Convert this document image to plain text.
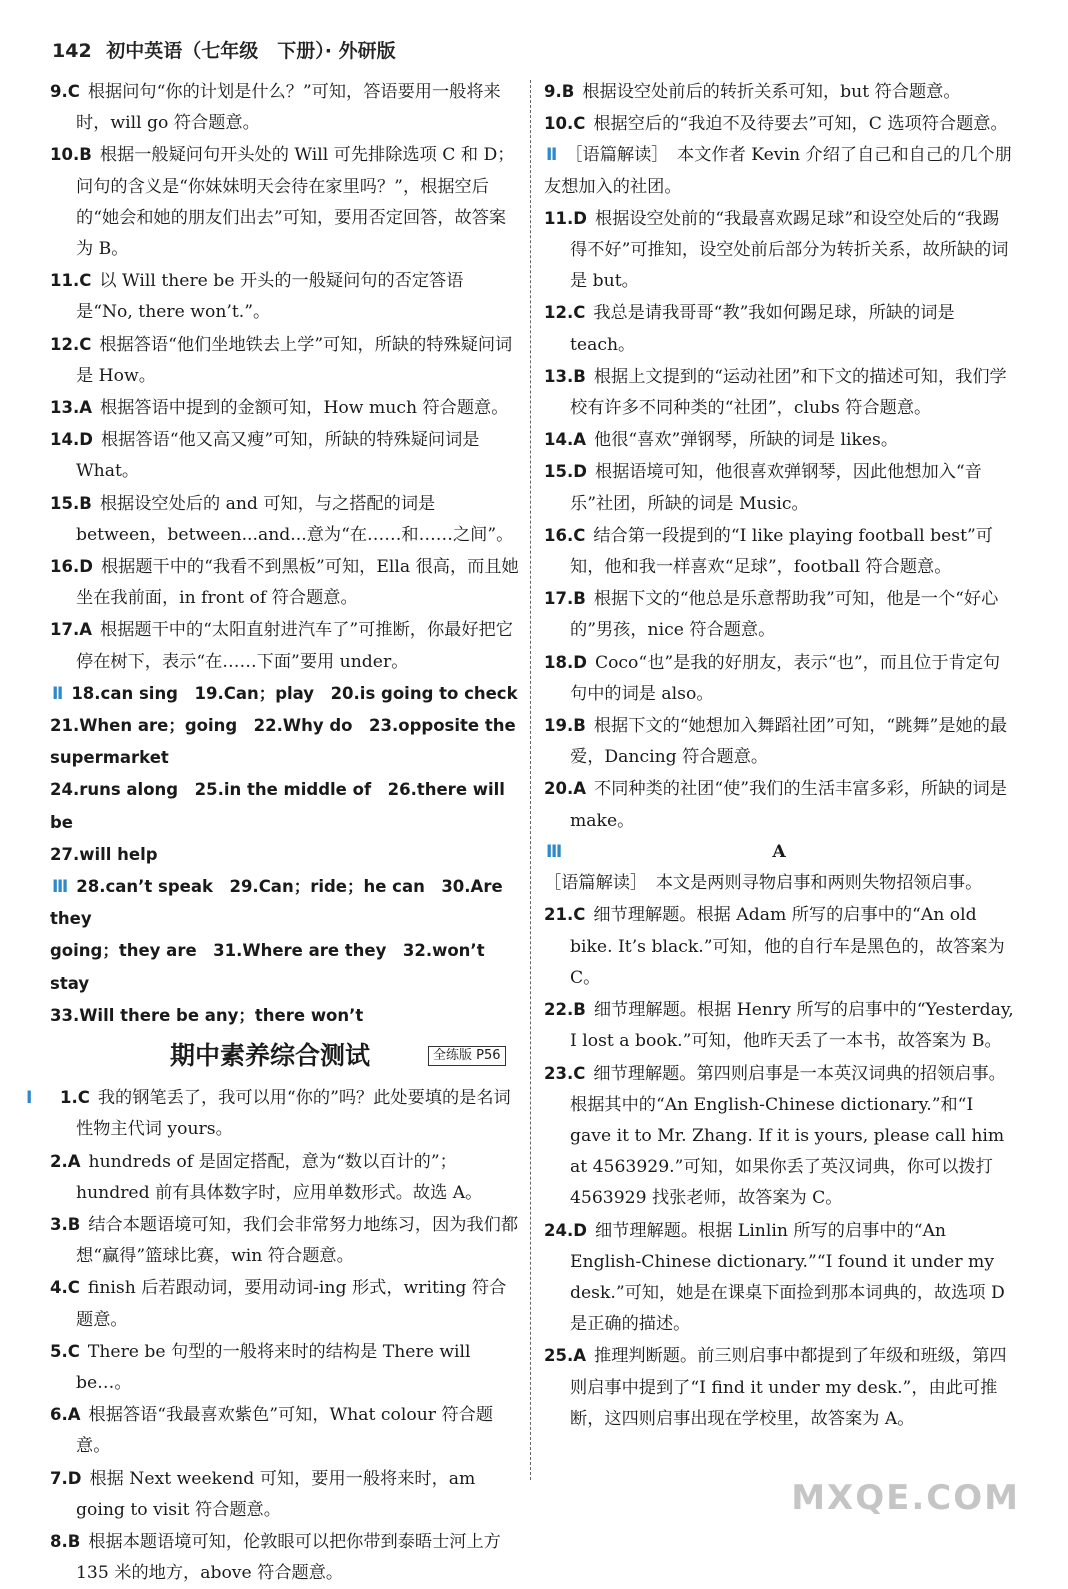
142 初中英语（七年级　下册）· 外研版

9.C 根据问句“你的计划是什么？”可知，答语要用一般将来时，will go 符合题意。

10.B 根据一般疑问句开头处的 Will 可先排除选项 C 和 D；问句的含义是“你妹妹明天会待在家里吗？”，根据空后的“她会和她的朋友们出去”可知，要用否定回答，故答案为 B。

11.C 以 Will there be 开头的一般疑问句的否定答语是“No, there won’t.”。

12.C 根据答语“他们坐地铁去上学”可知，所缺的特殊疑问词是 How。

13.A 根据答语中提到的金额可知，How much 符合题意。

14.D 根据答语“他又高又瘦”可知，所缺的特殊疑问词是 What。

15.B 根据设空处后的 and 可知，与之搭配的词是 between，between...and...意为“在……和……之间”。

16.D 根据题干中的“我看不到黑板”可知，Ella 很高，而且她坐在我前面，in front of 符合题意。

17.A 根据题干中的“太阳直射进汽车了”可推断，你最好把它停在树下，表示“在……下面”要用 under。

Ⅱ 18.can sing　19.Can；play　20.is going to check

21.When are；going　22.Why do　23.opposite the supermarket

24.runs along　25.in the middle of　26.there will be

27.will help

Ⅲ 28.can’t speak　29.Can；ride；he can　30.Are they

going；they are　31.Where are they　32.won’t stay

33.Will there be any；there won’t

期中素养综合测试	全练版 P56

Ⅰ 1.C 我的钢笔丢了，我可以用“你的”吗？此处要填的是名词性物主代词 yours。

2.A hundreds of 是固定搭配，意为“数以百计的”；hundred 前有具体数字时，应用单数形式。故选 A。

3.B 结合本题语境可知，我们会非常努力地练习，因为我们都想“赢得”篮球比赛，win 符合题意。

4.C finish 后若跟动词，要用动词-ing 形式，writing 符合题意。

5.C There be 句型的一般将来时的结构是 There will be…。

6.A 根据答语“我最喜欢紫色”可知，What colour 符合题意。

7.D 根据 Next weekend 可知，要用一般将来时，am going to visit 符合题意。

8.B 根据本题语境可知，伦敦眼可以把你带到泰晤士河上方 135 米的地方，above 符合题意。

9.B 根据设空处前后的转折关系可知，but 符合题意。

10.C 根据空后的“我迫不及待要去”可知，C 选项符合题意。

Ⅱ ［语篇解读］　本文作者 Kevin 介绍了自己和自己的几个朋友想加入的社团。

11.D 根据设空处前的“我最喜欢踢足球”和设空处后的“我踢得不好”可推知，设空处前后部分为转折关系，故所缺的词是 but。

12.C 我总是请我哥哥“教”我如何踢足球，所缺的词是 teach。

13.B 根据上文提到的“运动社团”和下文的描述可知，我们学校有许多不同种类的“社团”，clubs 符合题意。

14.A 他很“喜欢”弹钢琴，所缺的词是 likes。

15.D 根据语境可知，他很喜欢弹钢琴，因此他想加入“音乐”社团，所缺的词是 Music。

16.C 结合第一段提到的“I like playing football best”可知，他和我一样喜欢“足球”，football 符合题意。

17.B 根据下文的“他总是乐意帮助我”可知，他是一个“好心的”男孩，nice 符合题意。

18.D Coco“也”是我的好朋友，表示“也”，而且位于肯定句句中的词是 also。

19.B 根据下文的“她想加入舞蹈社团”可知，“跳舞”是她的最爱，Dancing 符合题意。

20.A 不同种类的社团“使”我们的生活丰富多彩，所缺的词是 make。

Ⅲ	A

［语篇解读］　本文是两则寻物启事和两则失物招领启事。

21.C 细节理解题。根据 Adam 所写的启事中的“An old bike. It’s black.”可知，他的自行车是黑色的，故答案为 C。

22.B 细节理解题。根据 Henry 所写的启事中的“Yesterday, I lost a book.”可知，他昨天丢了一本书，故答案为 B。

23.C 细节理解题。第四则启事是一本英汉词典的招领启事。根据其中的“An English-Chinese dictionary.”和“I gave it to Mr. Zhang. If it is yours, please call him at 4563929.”可知，如果你丢了英汉词典，你可以拨打 4563929 找张老师，故答案为 C。

24.D 细节理解题。根据 Linlin 所写的启事中的“An English-Chinese dictionary.”“I found it under my desk.”可知，她是在课桌下面捡到那本词典的，故选项 D 是正确的描述。

25.A 推理判断题。前三则启事中都提到了年级和班级，第四则启事中提到了“I find it under my desk.”，由此可推断，这四则启事出现在学校里，故答案为 A。

MXQE.COM
